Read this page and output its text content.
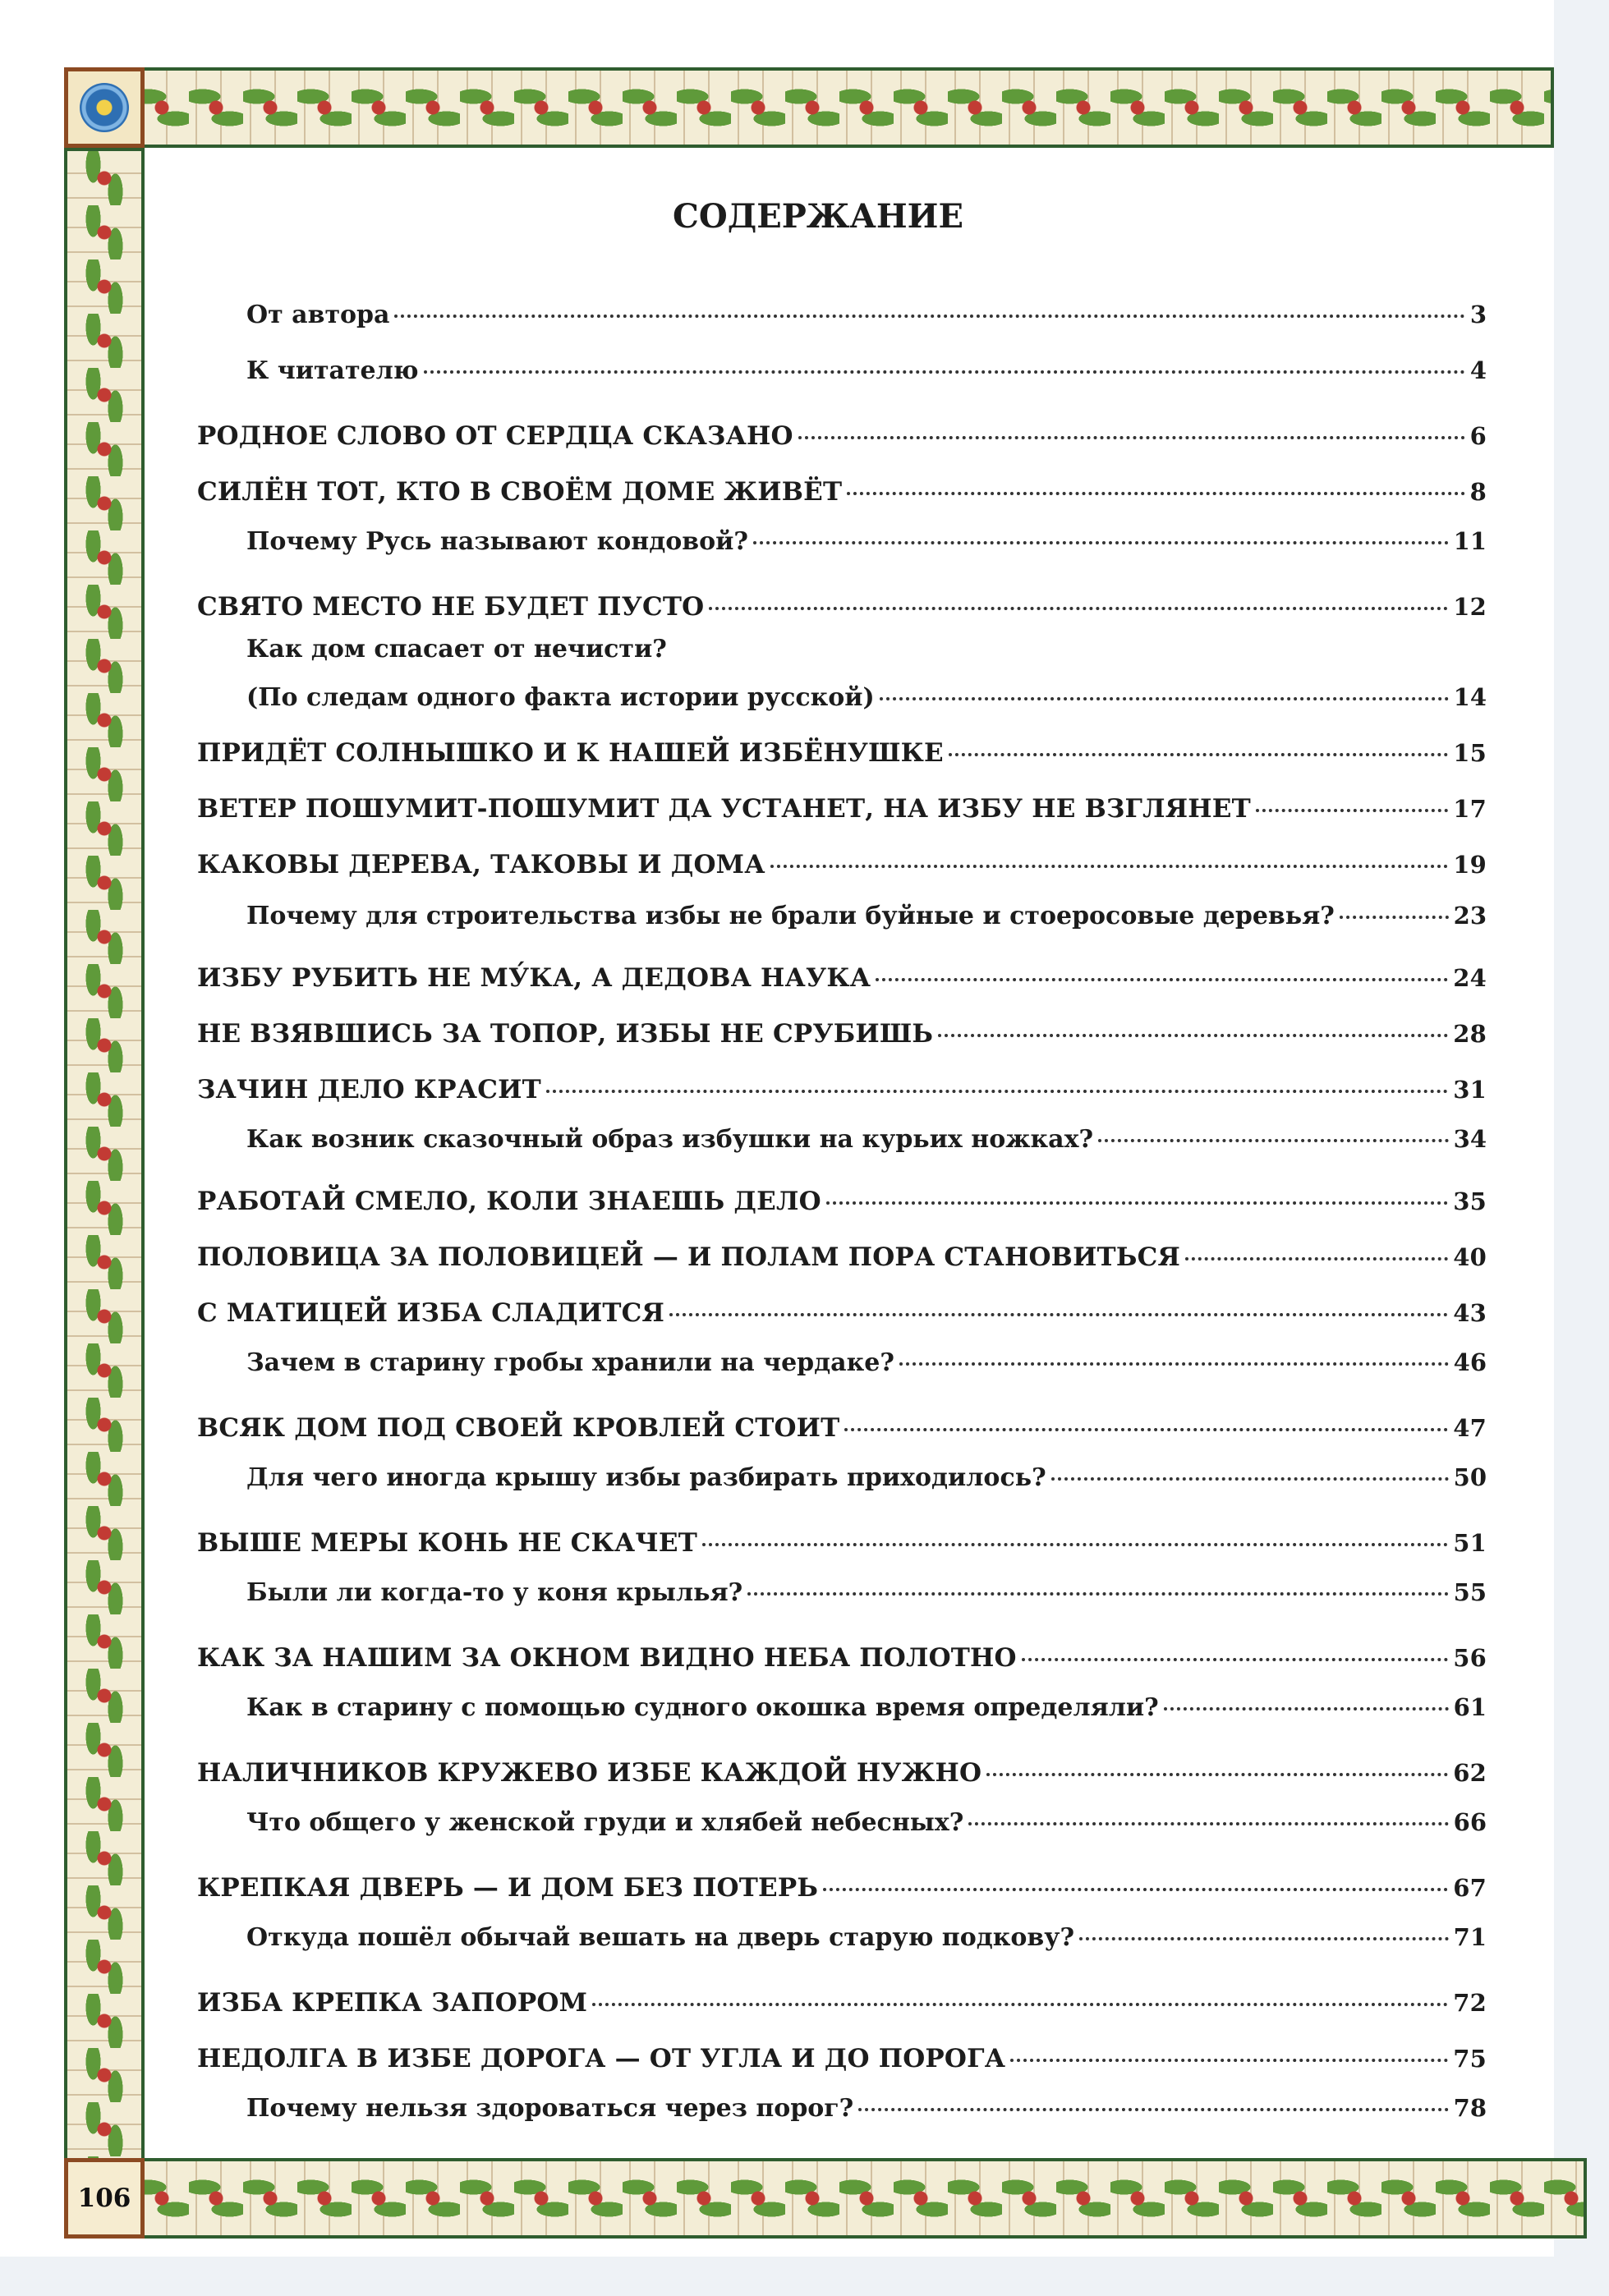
106
СОДЕРЖАНИЕ
От автора	3
К читателю	4
РОДНОЕ СЛОВО ОТ СЕРДЦА СКАЗАНО	6
СИЛЁН ТОТ, КТО В СВОЁМ ДОМЕ ЖИВЁТ	8
Почему Русь называют кондовой?	11
СВЯТО МЕСТО НЕ БУДЕТ ПУСТО	12
Как дом спасает от нечисти?
(По следам одного факта истории русской)	14
ПРИДЁТ СОЛНЫШКО И К НАШЕЙ ИЗБЁНУШКЕ	15
ВЕТЕР ПОШУМИТ-ПОШУМИТ ДА УСТАНЕТ, НА ИЗБУ НЕ ВЗГЛЯНЕТ	17
КАКОВЫ ДЕРЕВА, ТАКОВЫ И ДОМА	19
Почему для строительства избы не брали буйные и стоеросовые деревья?	23
ИЗБУ РУБИТЬ НЕ МУ́КА, А ДЕДОВА НАУКА	24
НЕ ВЗЯВШИСЬ ЗА ТОПОР, ИЗБЫ НЕ СРУБИШЬ	28
ЗАЧИН ДЕЛО КРАСИТ	31
Как возник сказочный образ избушки на курьих ножках?	34
РАБОТАЙ СМЕЛО, КОЛИ ЗНАЕШЬ ДЕЛО	35
ПОЛОВИЦА ЗА ПОЛОВИЦЕЙ — И ПОЛАМ ПОРА СТАНОВИТЬСЯ	40
С МАТИЦЕЙ ИЗБА СЛАДИТСЯ	43
Зачем в старину гробы хранили на чердаке?	46
ВСЯК ДОМ ПОД СВОЕЙ КРОВЛЕЙ СТОИТ	47
Для чего иногда крышу избы разбирать приходилось?	50
ВЫШЕ МЕРЫ КОНЬ НЕ СКАЧЕТ	51
Были ли когда-то у коня крылья?	55
КАК ЗА НАШИМ ЗА ОКНОМ ВИДНО НЕБА ПОЛОТНО	56
Как в старину с помощью судного окошка время определяли?	61
НАЛИЧНИКОВ КРУЖЕВО ИЗБЕ КАЖДОЙ НУЖНО	62
Что общего у женской груди и хлябей небесных?	66
КРЕПКАЯ ДВЕРЬ — И ДОМ БЕЗ ПОТЕРЬ	67
Откуда пошёл обычай вешать на дверь старую подкову?	71
ИЗБА КРЕПКА ЗАПОРОМ	72
НЕДОЛГА В ИЗБЕ ДОРОГА — ОТ УГЛА И ДО ПОРОГА	75
Почему нельзя здороваться через порог?	78
